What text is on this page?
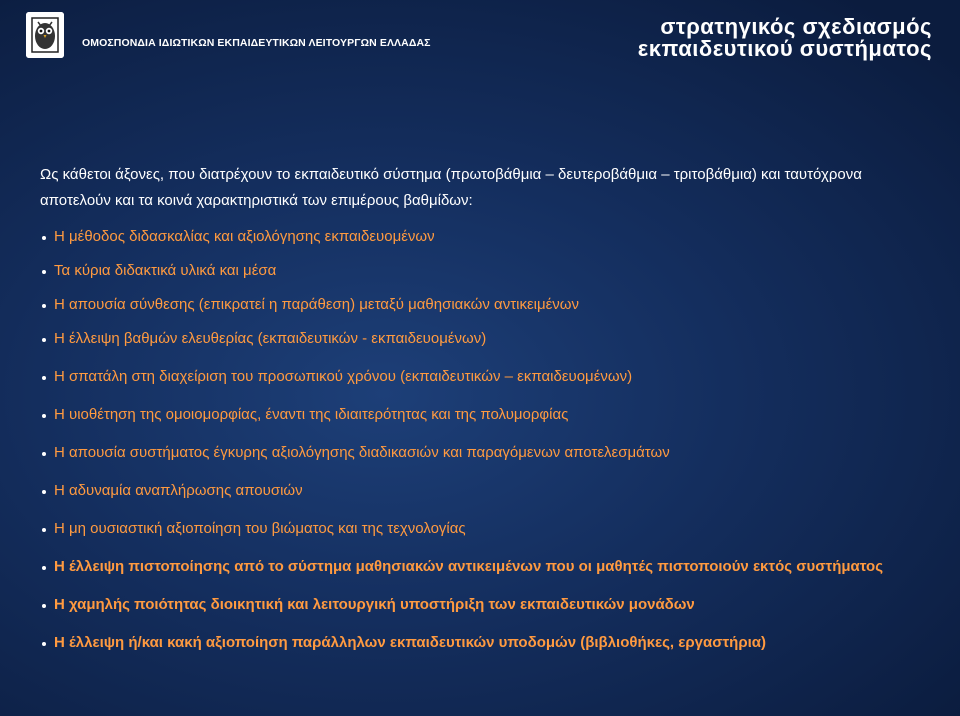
ΟΜΟΣΠΟΝΔΙΑ ΙΔΙΩΤΙΚΩΝ ΕΚΠΑΙΔΕΥΤΙΚΩΝ ΛΕΙΤΟΥΡΓΩΝ ΕΛΛΑΔΑΣ
στρατηγικός σχεδιασμός
εκπαιδευτικού συστήματος

Ως κάθετοι άξονες, που διατρέχουν το εκπαιδευτικό σύστημα (πρωτοβάθμια – δευτεροβάθμια – τριτοβάθμια) και ταυτόχρονα αποτελούν και τα κοινά χαρακτηριστικά των επιμέρους βαθμίδων:

Η μέθοδος διδασκαλίας και αξιολόγησης εκπαιδευομένων
Τα κύρια διδακτικά υλικά και μέσα
Η απουσία σύνθεσης (επικρατεί η παράθεση) μεταξύ μαθησιακών αντικειμένων
Η έλλειψη βαθμών ελευθερίας (εκπαιδευτικών - εκπαιδευομένων)
Η σπατάλη στη διαχείριση του προσωπικού χρόνου (εκπαιδευτικών – εκπαιδευομένων)
Η υιοθέτηση της ομοιομορφίας, έναντι της ιδιαιτερότητας και της πολυμορφίας
Η απουσία συστήματος έγκυρης αξιολόγησης διαδικασιών και παραγόμενων αποτελεσμάτων
Η αδυναμία αναπλήρωσης απουσιών
Η μη ουσιαστική αξιοποίηση του βιώματος και της τεχνολογίας
Η έλλειψη πιστοποίησης από το σύστημα μαθησιακών αντικειμένων που οι μαθητές πιστοποιούν εκτός συστήματος
Η χαμηλής ποιότητας διοικητική και λειτουργική υποστήριξη των εκπαιδευτικών μονάδων
Η έλλειψη ή/και κακή αξιοποίηση παράλληλων εκπαιδευτικών υποδομών (βιβλιοθήκες, εργαστήρια)
